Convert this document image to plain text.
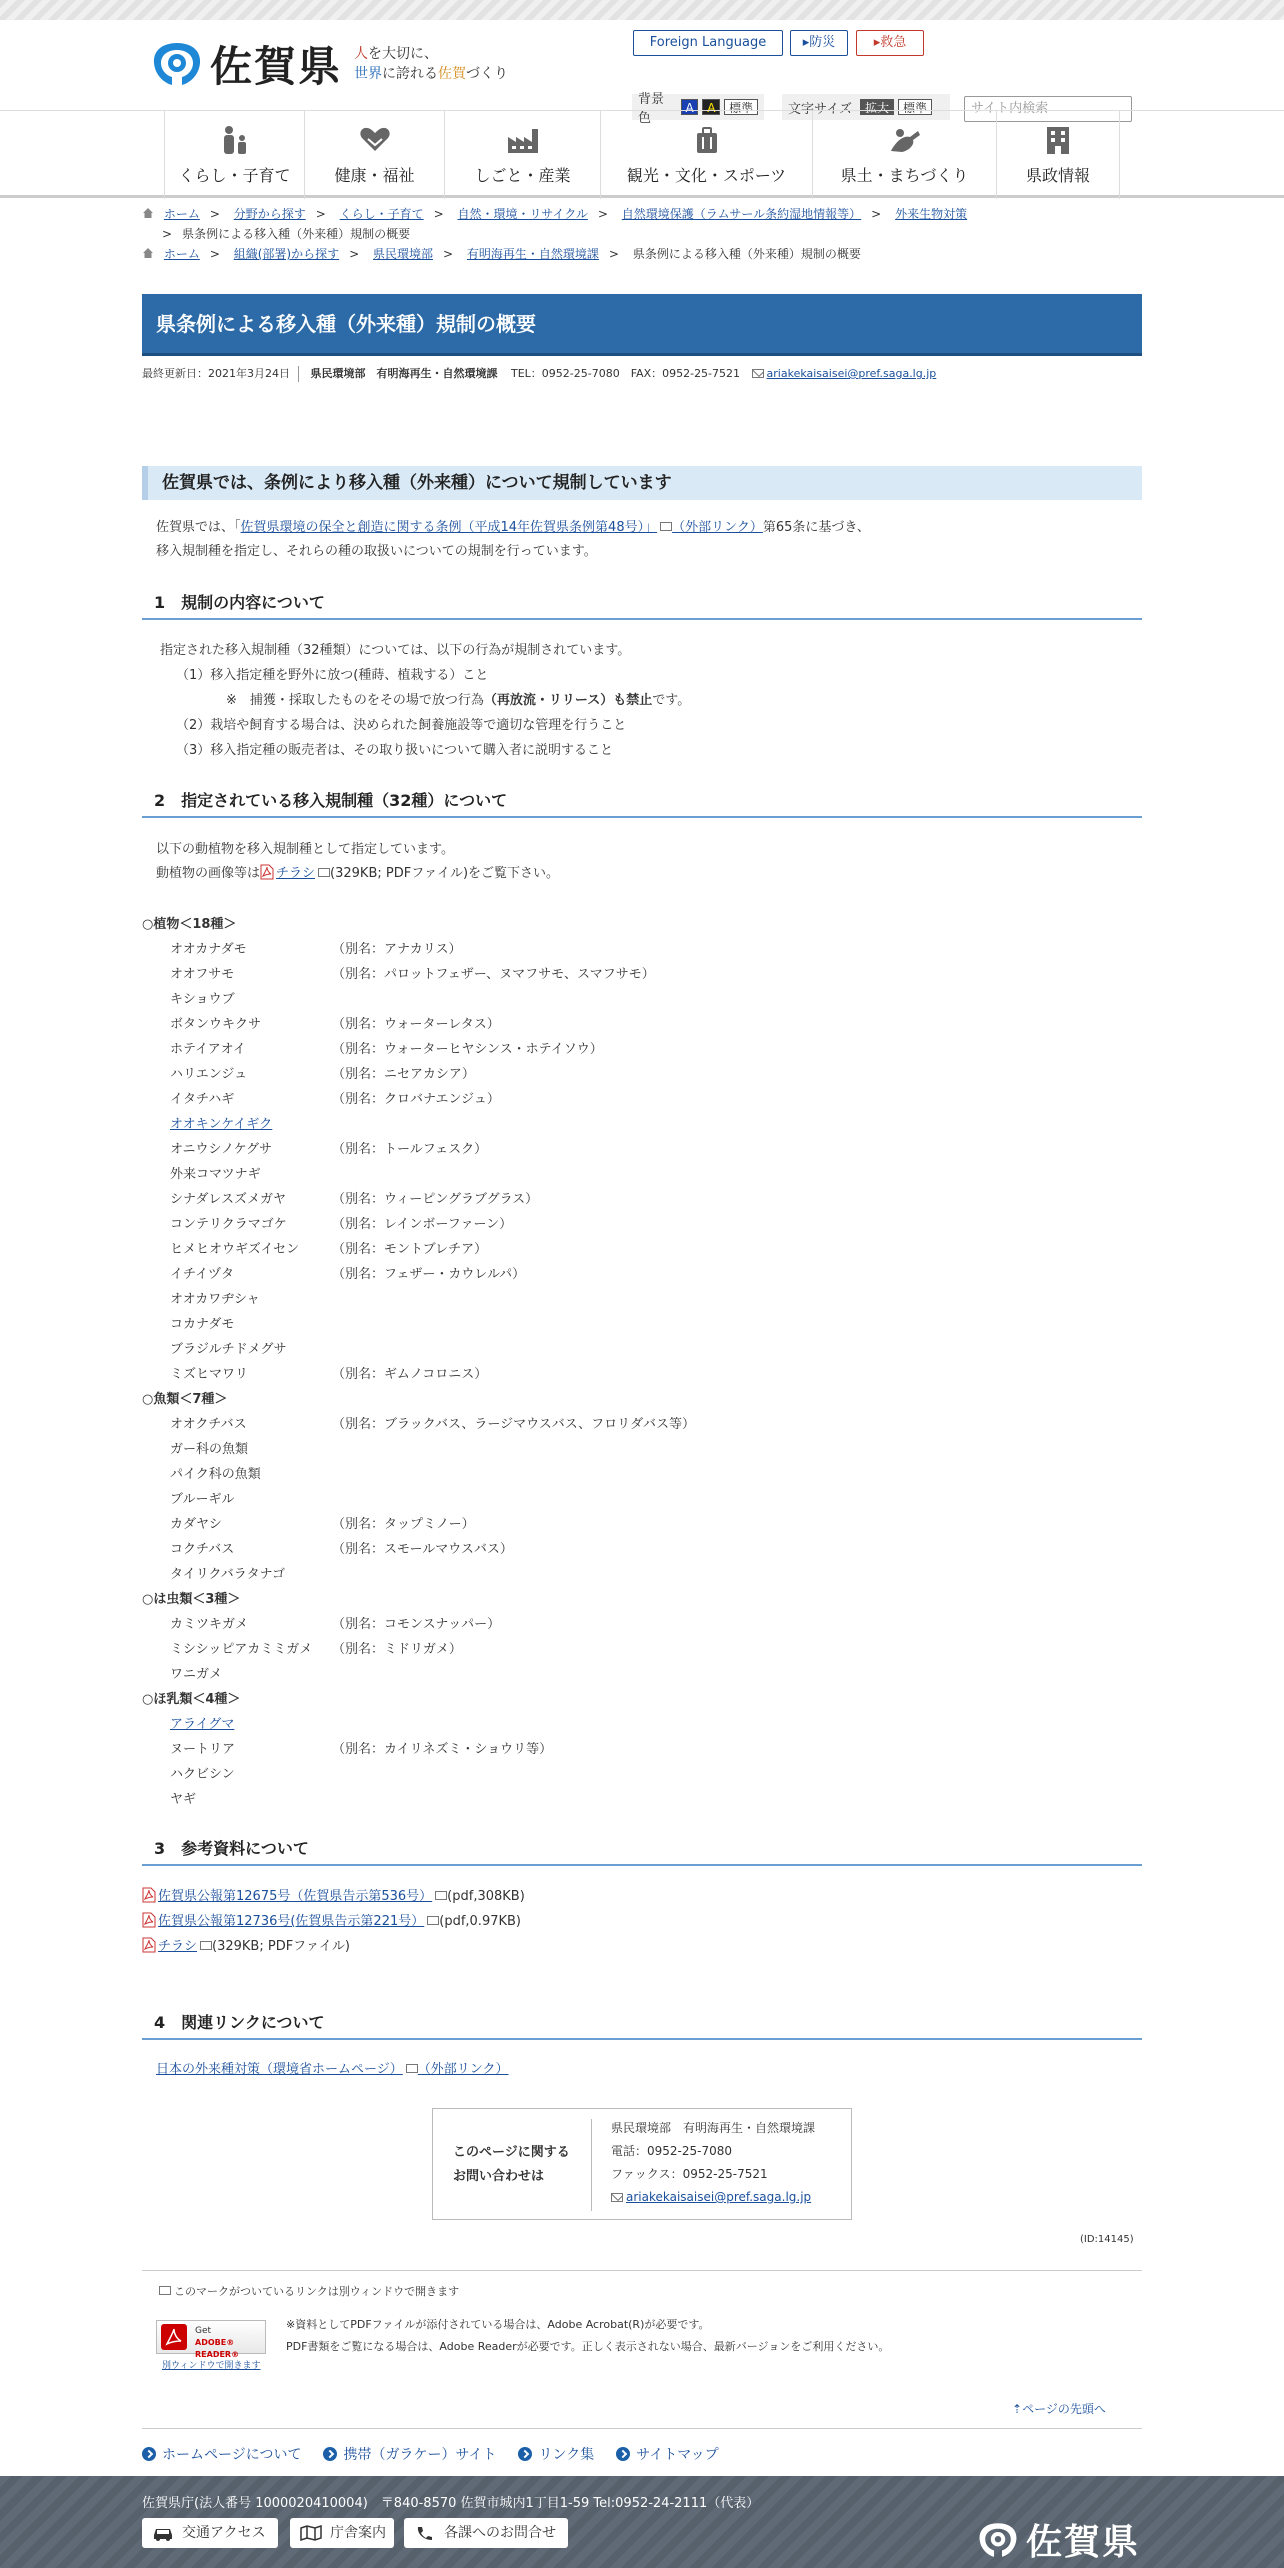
佐賀県 人を大切に、
世界に誇れる佐賀づくり
Foreign Language	▸防災	▸救急
背景色
A	A	標準	文字サイズ	拡大	標準	サイト内検索
くらし・子育て	健康・福祉	しごと・産業	観光・文化・スポーツ	県土・まちづくり	県政情報
ホーム > 分野から探す > くらし・子育て > 自然・環境・リサイクル > 自然環境保護（ラムサール条約湿地情報等） > 外来生物対策
> 県条例による移入種（外来種）規制の概要
ホーム > 組織(部署)から探す > 県民環境部 > 有明海再生・自然環境課 > 県条例による移入種（外来種）規制の概要
県条例による移入種（外来種）規制の概要
最終更新日：2021年3月24日 県民環境部　有明海再生・自然環境課 TEL：0952-25-7080　FAX：0952-25-7521 ariakekaisaisei@pref.saga.lg.jp
佐賀県では、条例により移入種（外来種）について規制しています
佐賀県では、「佐賀県環境の保全と創造に関する条例（平成14年佐賀県条例第48号）」 （外部リンク）第65条に基づき、
移入規制種を指定し、それらの種の取扱いについての規制を行っています。
1　規制の内容について
指定された移入規制種（32種類）については、以下の行為が規制されています。
（1）移入指定種を野外に放つ(種蒔、植栽する）こと
※　捕獲・採取したものをその場で放つ行為（再放流・リリース）も禁止です。
（2）栽培や飼育する場合は、決められた飼養施設等で適切な管理を行うこと
（3）移入指定種の販売者は、その取り扱いについて購入者に説明すること
2　指定されている移入規制種（32種）について
以下の動植物を移入規制種として指定しています。
動植物の画像等は チラシ (329KB; PDFファイル)をご覧下さい。
○植物＜18種＞
オオカナダモ	（別名：アナカリス）
オオフサモ	（別名：パロットフェザー、ヌマフサモ、スマフサモ）
キショウブ
ボタンウキクサ	（別名：ウォーターレタス）
ホテイアオイ	（別名：ウォーターヒヤシンス・ホテイソウ）
ハリエンジュ	（別名：ニセアカシア）
イタチハギ	（別名：クロバナエンジュ）
オオキンケイギク
オニウシノケグサ	（別名：トールフェスク）
外来コマツナギ
シナダレスズメガヤ	（別名：ウィーピングラブグラス）
コンテリクラマゴケ	（別名：レインボーファーン）
ヒメヒオウギズイセン	（別名：モントブレチア）
イチイヅタ	（別名：フェザー・カウレルパ）
オオカワヂシャ
コカナダモ
ブラジルチドメグサ
ミズヒマワリ	（別名：ギムノコロニス）
○魚類＜7種＞
オオクチバス	（別名：ブラックバス、ラージマウスバス、フロリダバス等）
ガー科の魚類
パイク科の魚類
ブルーギル
カダヤシ	（別名：タップミノー）
コクチバス	（別名：スモールマウスバス）
タイリクバラタナゴ
○は虫類＜3種＞
カミツキガメ	（別名：コモンスナッパー）
ミシシッピアカミミガメ	（別名：ミドリガメ）
ワニガメ
○ほ乳類＜4種＞
アライグマ
ヌートリア	（別名：カイリネズミ・ショウリ等）
ハクビシン
ヤギ
3　参考資料について
佐賀県公報第12675号（佐賀県告示第536号） (pdf,308KB)
佐賀県公報第12736号(佐賀県告示第221号） (pdf,0.97KB)
チラシ (329KB; PDFファイル)
4　関連リンクについて
日本の外来種対策（環境省ホームページ） （外部リンク）
このページに関する
お問い合わせは
県民環境部　有明海再生・自然環境課
電話：0952-25-7080
ファックス：0952-25-7521
ariakekaisaisei@pref.saga.lg.jp
(ID:14145)
このマークがついているリンクは別ウィンドウで開きます
Get
ADOBE® READER®
別ウィンドウで開きます
※資料としてPDFファイルが添付されている場合は、Adobe Acrobat(R)が必要です。
PDF書類をご覧になる場合は、Adobe Readerが必要です。正しく表示されない場合、最新バージョンをご利用ください。
⇡ページの先頭へ
ホームページについて	携帯（ガラケー）サイト	リンク集	サイトマップ
佐賀県庁(法人番号 1000020410004)　〒840-8570 佐賀市城内1丁目1-59 Tel:0952-24-2111（代表）
交通アクセス	庁舎案内	各課へのお問合せ	佐賀県
